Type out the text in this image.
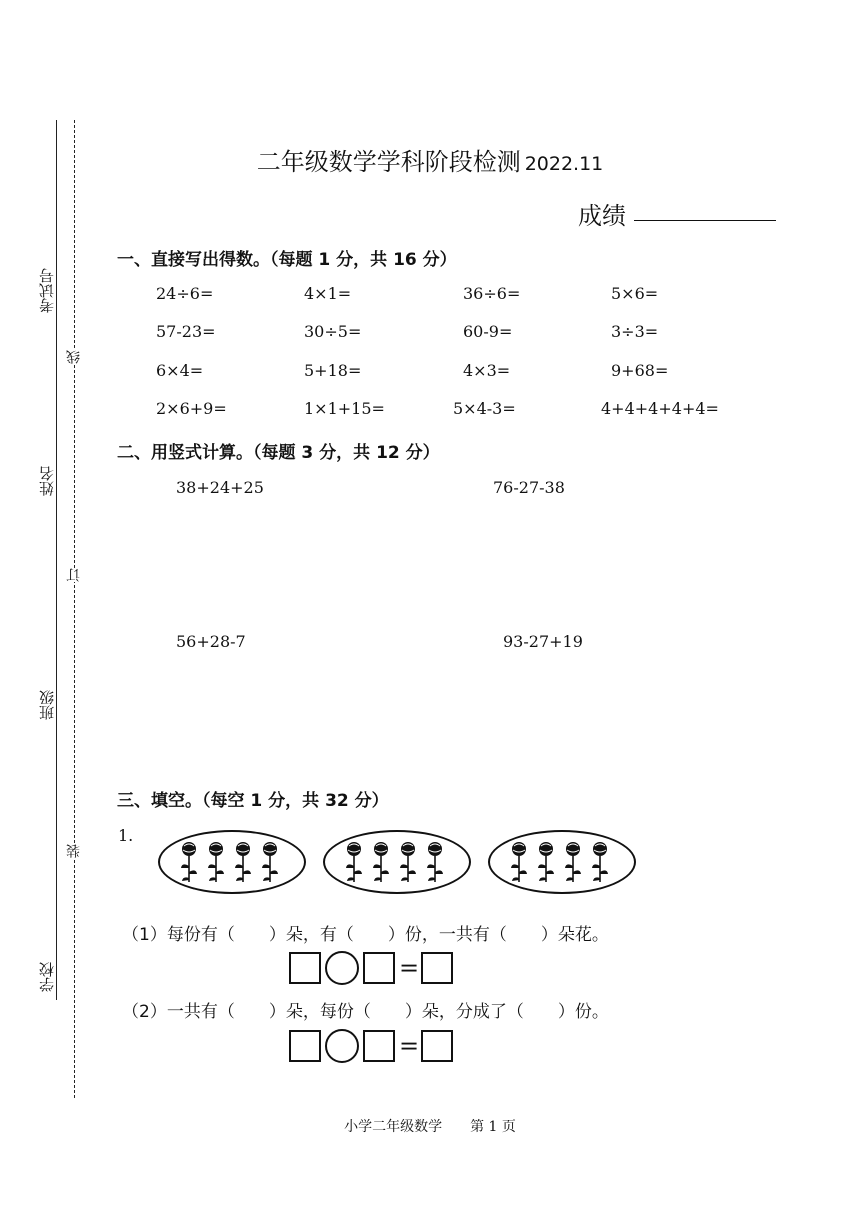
考试号
姓名
班级
学校
线
订
装
二年级数学学科阶段检测 2022.11
成绩
一、直接写出得数。（每题 1 分，共 16 分）
24÷6=	4×1=	36÷6=	5×6=
57-23=	30÷5=	60-9=	3÷3=
6×4=	5+18=	4×3=	9+68=
2×6+9=	1×1+15=	5×4-3=	4+4+4+4+4=
二、用竖式计算。（每题 3 分，共 12 分）
38+24+25	76-27-38
56+28-7	93-27+19
三、填空。（每空 1 分，共 32 分）
1.
（1）每份有（　　）朵，有（　　）份，一共有（　　）朵花。
=
（2）一共有（　　）朵，每份（　　）朵，分成了（　　）份。
=
小学二年级数学　　第 1 页
